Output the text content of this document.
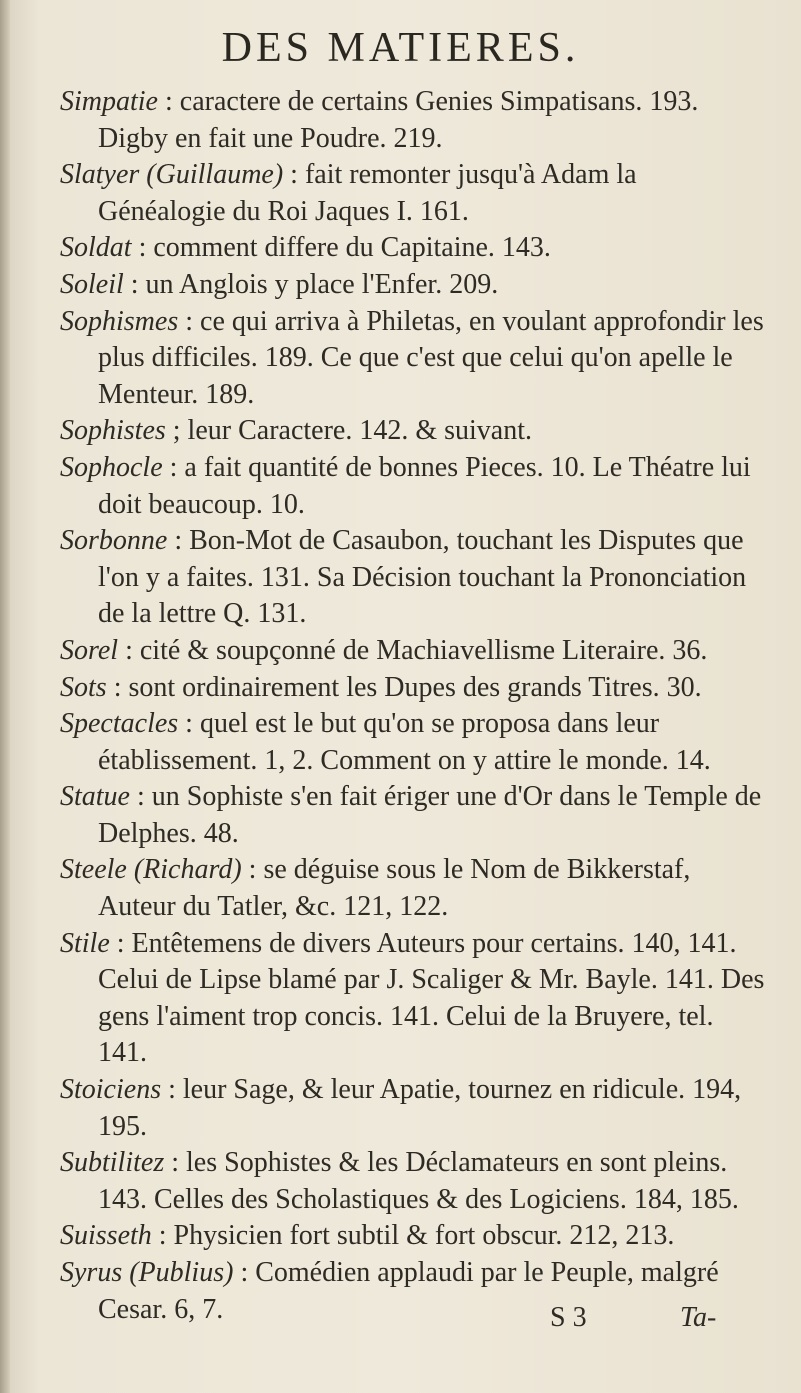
DES MATIERES.

Simpatie : caractere de certains Genies Simpatisans. 193. Digby en fait une Poudre. 219.

Slatyer (Guillaume) : fait remonter jusqu'à Adam la Généalogie du Roi Jaques I. 161.

Soldat : comment differe du Capitaine. 143.

Soleil : un Anglois y place l'Enfer. 209.

Sophismes : ce qui arriva à Philetas, en voulant approfondir les plus difficiles. 189. Ce que c'est que celui qu'on apelle le Menteur. 189.

Sophistes ; leur Caractere. 142. & suivant.

Sophocle : a fait quantité de bonnes Pieces. 10. Le Théatre lui doit beaucoup. 10.

Sorbonne : Bon-Mot de Casaubon, touchant les Disputes que l'on y a faites. 131. Sa Décision touchant la Prononciation de la lettre Q. 131.

Sorel : cité & soupçonné de Machiavellisme Literaire. 36.

Sots : sont ordinairement les Dupes des grands Titres. 30.

Spectacles : quel est le but qu'on se proposa dans leur établissement. 1, 2. Comment on y attire le monde. 14.

Statue : un Sophiste s'en fait ériger une d'Or dans le Temple de Delphes. 48.

Steele (Richard) : se déguise sous le Nom de Bikkerstaf, Auteur du Tatler, &c. 121, 122.

Stile : Entêtemens de divers Auteurs pour certains. 140, 141. Celui de Lipse blamé par J. Scaliger & Mr. Bayle. 141. Des gens l'aiment trop concis. 141. Celui de la Bruyere, tel. 141.

Stoiciens : leur Sage, & leur Apatie, tournez en ridicule. 194, 195.

Subtilitez : les Sophistes & les Déclamateurs en sont pleins. 143. Celles des Scholastiques & des Logiciens. 184, 185.

Suisseth : Physicien fort subtil & fort obscur. 212, 213.

Syrus (Publius) : Comédien applaudi par le Peuple, malgré Cesar. 6, 7.	S 3	Ta-
